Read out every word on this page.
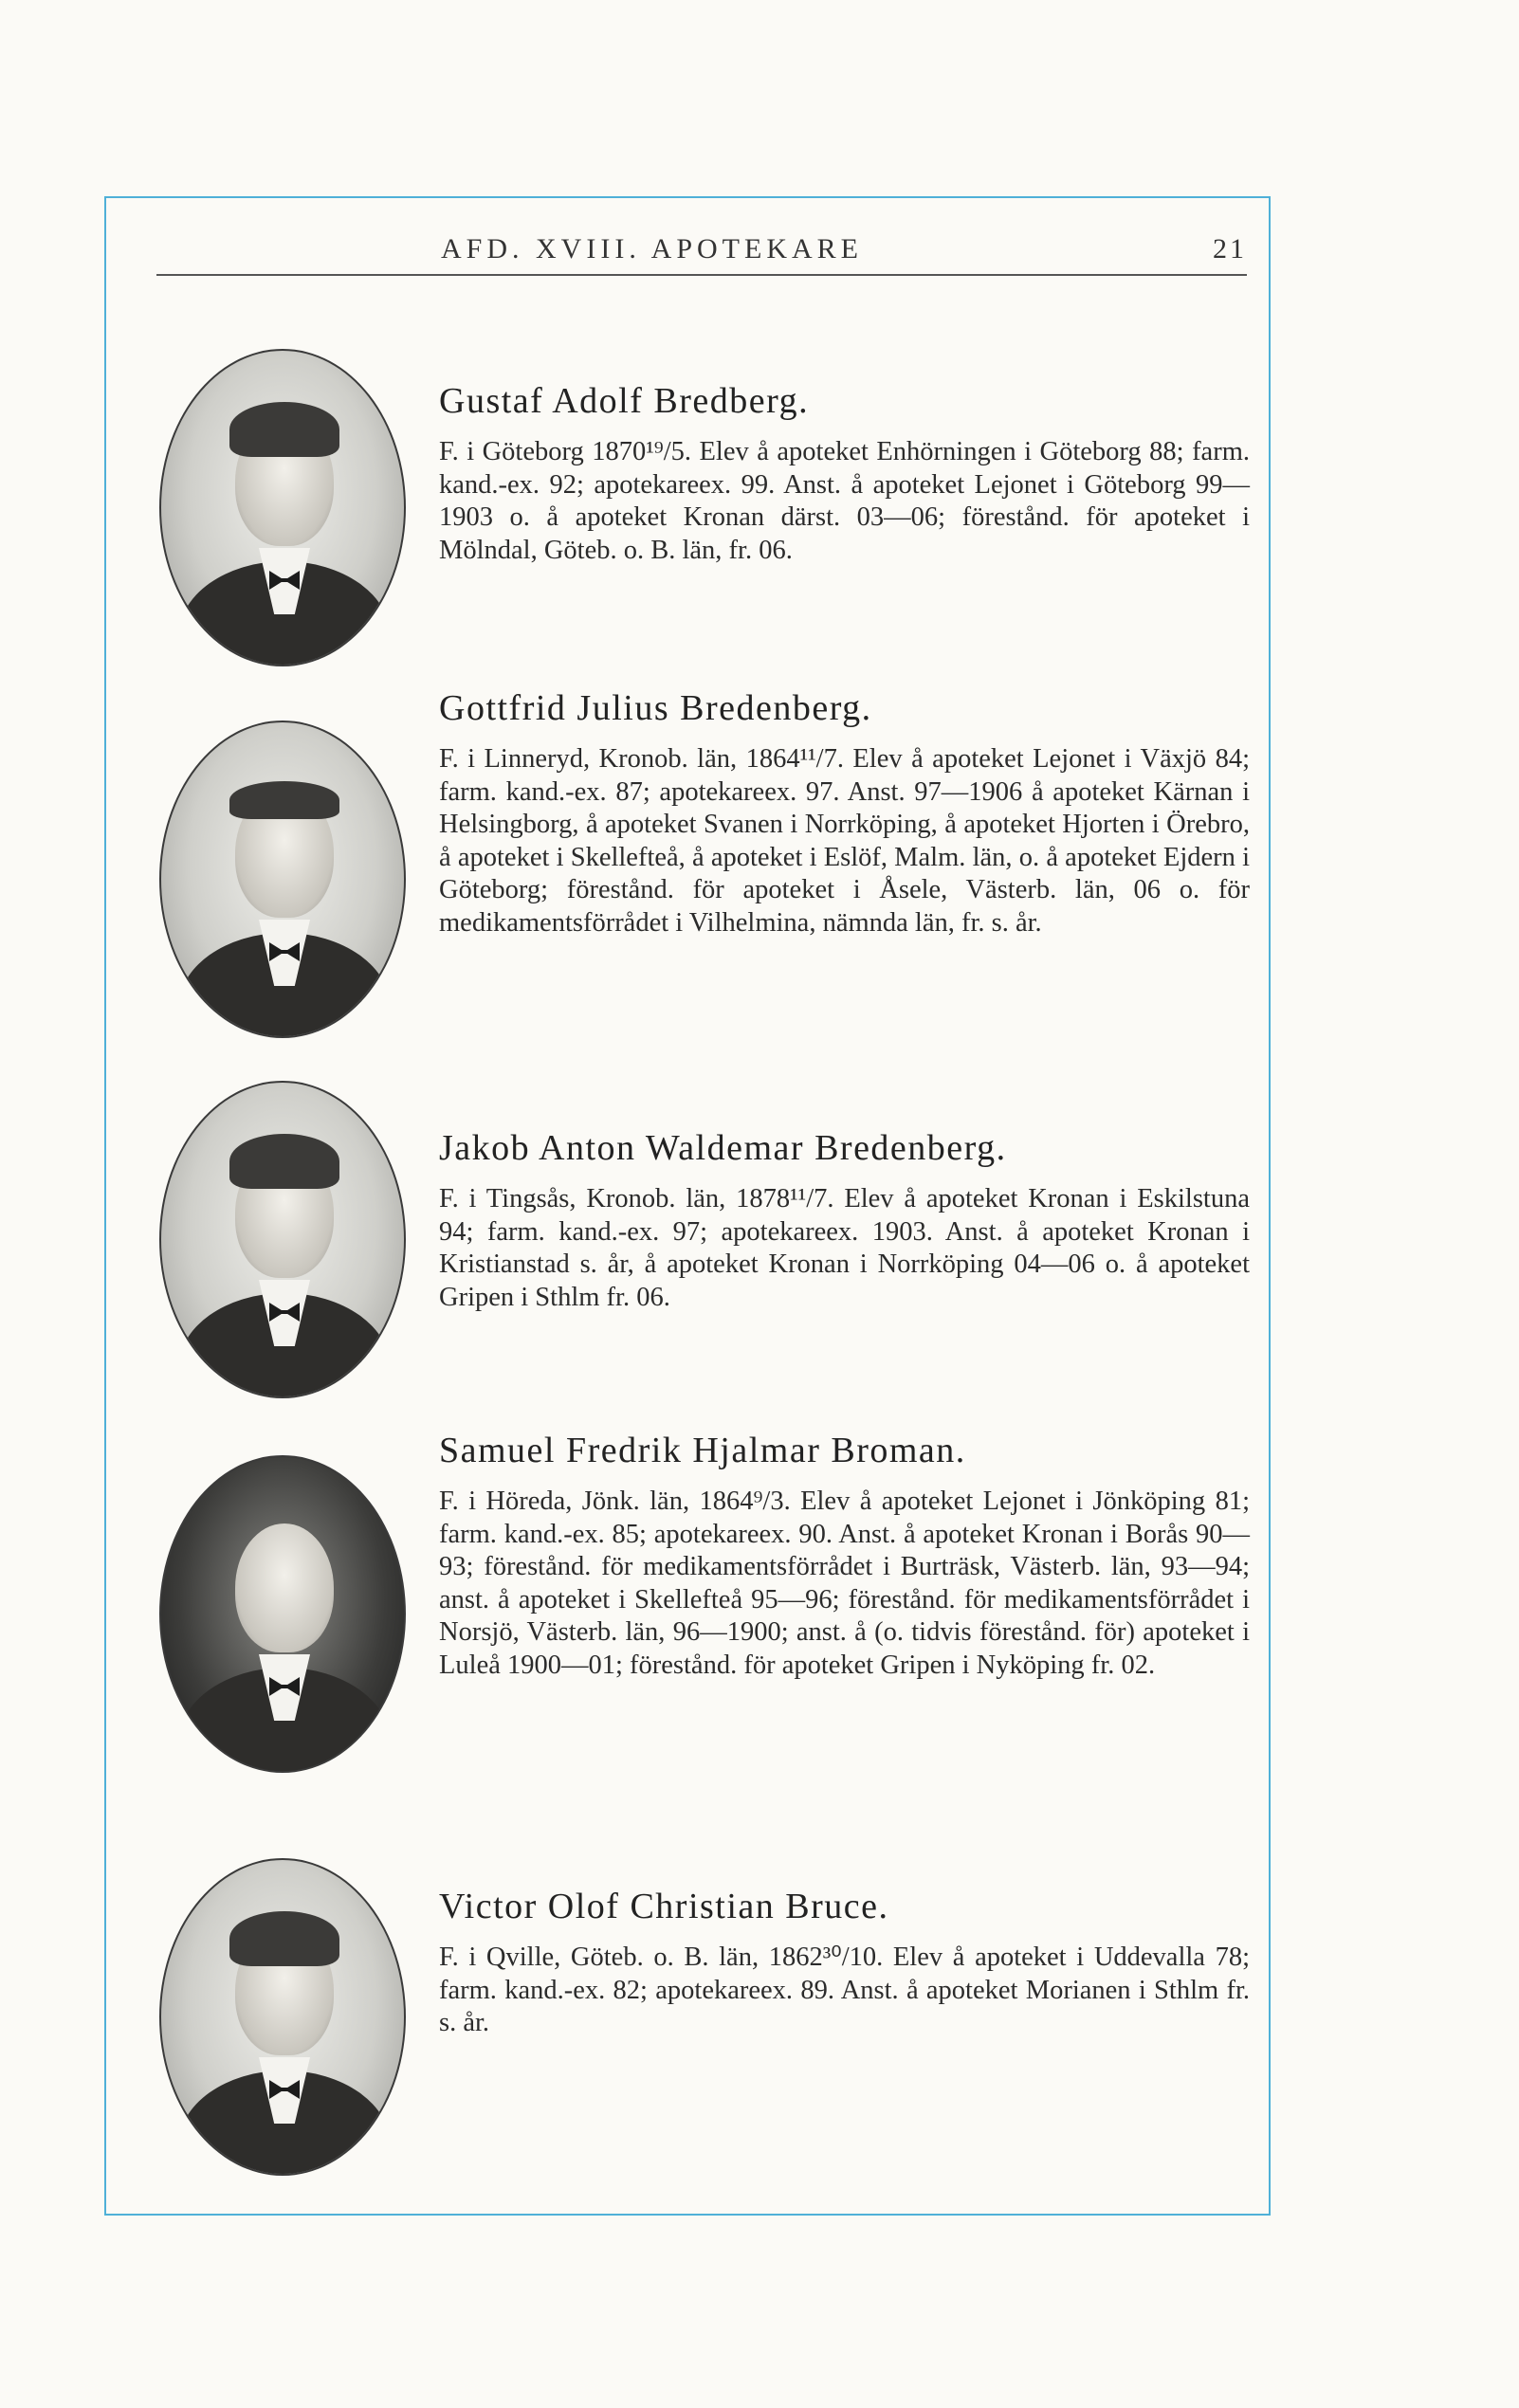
AFD. XVIII. APOTEKARE	21
Gustaf Adolf Bredberg.

F. i Göteborg 1870¹⁹/5. Elev å apoteket Enhörningen i Göteborg 88; farm. kand.-ex. 92; apotekareex. 99. Anst. å apoteket Lejonet i Göteborg 99—1903 o. å apoteket Kronan därst. 03—06; förestånd. för apoteket i Mölndal, Göteb. o. B. län, fr. 06.

Gottfrid Julius Bredenberg.

F. i Linneryd, Kronob. län, 1864¹¹/7. Elev å apoteket Lejonet i Växjö 84; farm. kand.-ex. 87; apotekareex. 97. Anst. 97—1906 å apoteket Kärnan i Helsingborg, å apoteket Svanen i Norrköping, å apoteket Hjorten i Örebro, å apoteket i Skellefteå, å apoteket i Eslöf, Malm. län, o. å apoteket Ejdern i Göteborg; förestånd. för apoteket i Åsele, Västerb. län, 06 o. för medikamentsförrådet i Vilhelmina, nämnda län, fr. s. år.

Jakob Anton Waldemar Bredenberg.

F. i Tingsås, Kronob. län, 1878¹¹/7. Elev å apoteket Kronan i Eskilstuna 94; farm. kand.-ex. 97; apotekareex. 1903. Anst. å apoteket Kronan i Kristianstad s. år, å apoteket Kronan i Norrköping 04—06 o. å apoteket Gripen i Sthlm fr. 06.

Samuel Fredrik Hjalmar Broman.

F. i Höreda, Jönk. län, 1864⁹/3. Elev å apoteket Lejonet i Jönköping 81; farm. kand.-ex. 85; apotekareex. 90. Anst. å apoteket Kronan i Borås 90—93; förestånd. för medikamentsförrådet i Burträsk, Västerb. län, 93—94; anst. å apoteket i Skellefteå 95—96; förestånd. för medikamentsförrådet i Norsjö, Västerb. län, 96—1900; anst. å (o. tidvis förestånd. för) apoteket i Luleå 1900—01; förestånd. för apoteket Gripen i Nyköping fr. 02.

Victor Olof Christian Bruce.

F. i Qville, Göteb. o. B. län, 1862³⁰/10. Elev å apoteket i Uddevalla 78; farm. kand.-ex. 82; apotekareex. 89. Anst. å apoteket Morianen i Sthlm fr. s. år.
